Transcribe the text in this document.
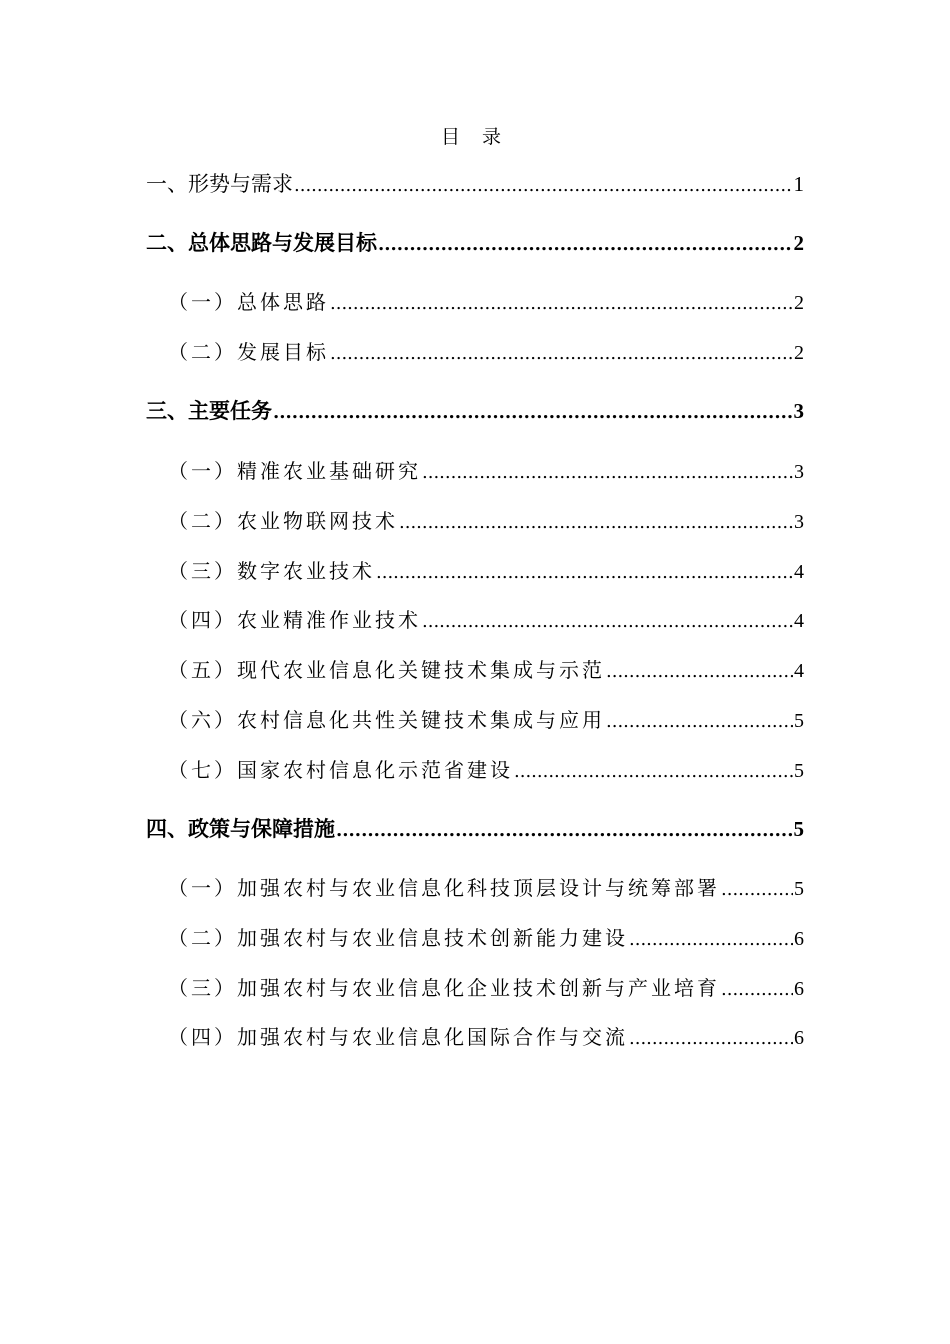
目 录
一、形势与需求 .....	1
二、总体思路与发展目标 .....	2
（一）总体思路 .....	2
（二）发展目标 .....	2
三、主要任务 .....	3
（一）精准农业基础研究 .....	3
（二）农业物联网技术 .....	3
（三）数字农业技术 .....	4
（四）农业精准作业技术 .....	4
（五）现代农业信息化关键技术集成与示范 .....	4
（六）农村信息化共性关键技术集成与应用 .....	5
（七）国家农村信息化示范省建设 .....	5
四、政策与保障措施 .....	5
（一）加强农村与农业信息化科技顶层设计与统筹部署 .....	5
（二）加强农村与农业信息技术创新能力建设 .....	6
（三）加强农村与农业信息化企业技术创新与产业培育 .....	6
（四）加强农村与农业信息化国际合作与交流 .....	6
